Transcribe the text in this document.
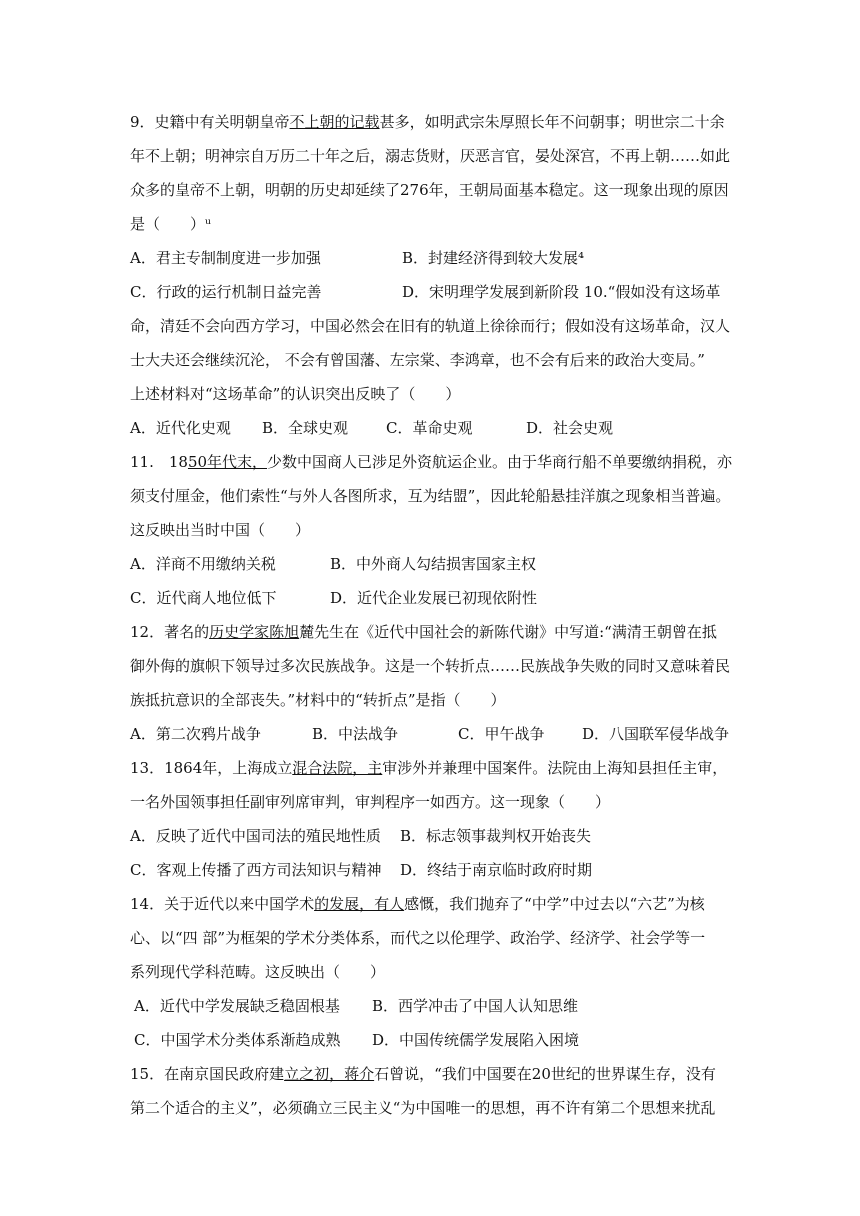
9．史籍中有关明朝皇帝不上朝的记载甚多，如明武宗朱厚照长年不问朝事；明世宗二十余

年不上朝；明神宗自万历二十年之后，溺志货财，厌恶言官，晏处深宫，不再上朝……如此

众多的皇帝不上朝，明朝的历史却延续了276年，王朝局面基本稳定。这一现象出现的原因

是（　　）ᵘ

A．君主专制制度进一步加强	B．封建经济得到较大发展⁴

C．行政的运行机制日益完善	D．宋明理学发展到新阶段 10.“假如没有这场革

命，清廷不会向西方学习，中国必然会在旧有的轨道上徐徐而行；假如没有这场革命，汉人

士大夫还会继续沉沦， 不会有曾国藩、左宗棠、李鸿章，也不会有后来的政治大变局。”

上述材料对“这场革命”的认识突出反映了（　　）

A．近代化史观 B．全球史观	C．革命史观	D．社会史观

11.　1850年代末，少数中国商人已涉足外资航运企业。由于华商行船不单要缴纳捐税，亦

须支付厘金，他们索性“与外人各图所求，互为结盟”，因此轮船悬挂洋旗之现象相当普遍。

这反映出当时中国（　　）

A．洋商不用缴纳关税	B．中外商人勾结损害国家主权

C．近代商人地位低下	D．近代企业发展已初现依附性

12．著名的历史学家陈旭麓先生在《近代中国社会的新陈代谢》中写道:“满清王朝曾在抵

御外侮的旗帜下领导过多次民族战争。这是一个转折点……民族战争失败的同时又意味着民

族抵抗意识的全部丧失。”材料中的“转折点”是指（　　）

A．第二次鸦片战争	B．中法战争	C．甲午战争	D．八国联军侵华战争

13．1864年，上海成立混合法院，主审涉外并兼理中国案件。法院由上海知县担任主审，

一名外国领事担任副审列席审判，审判程序一如西方。这一现象（　　）

A．反映了近代中国司法的殖民地性质 B．标志领事裁判权开始丧失

C．客观上传播了西方司法知识与精神 D．终结于南京临时政府时期

14．关于近代以来中国学术的发展，有人感慨，我们抛弃了“中学”中过去以“六艺”为核

心、以“四 部”为框架的学术分类体系，而代之以伦理学、政治学、经济学、社会学等一

系列现代学科范畴。这反映出（　　）

A．近代中学发展缺乏稳固根基 B．西学冲击了中国人认知思维

C．中国学术分类体系渐趋成熟 D．中国传统儒学发展陷入困境

15．在南京国民政府建立之初，蒋介石曾说，“我们中国要在20世纪的世界谋生存，没有

第二个适合的主义”，必须确立三民主义“为中国唯一的思想，再不许有第二个思想来扰乱
